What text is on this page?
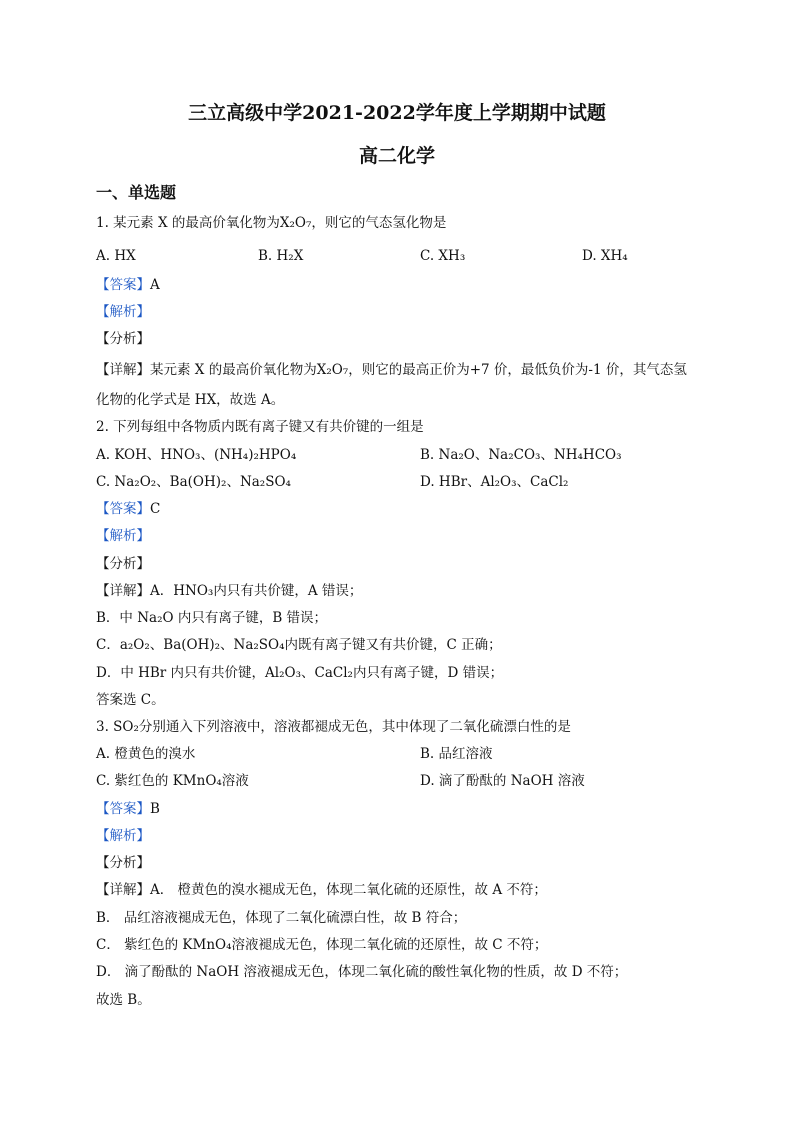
三立高级中学2021-2022学年度上学期期中试题
高二化学
一、单选题
1. 某元素 X 的最高价氧化物为X₂O₇，则它的气态氢化物是
A. HX	B. H₂X	C. XH₃	D. XH₄
【答案】A
【解析】
【分析】
【详解】某元素 X 的最高价氧化物为X₂O₇，则它的最高正价为+7 价，最低负价为-1 价，其气态氢
化物的化学式是 HX，故选 A。
2. 下列每组中各物质内既有离子键又有共价键的一组是
A. KOH、HNO₃、(NH₄)₂HPO₄	B. Na₂O、Na₂CO₃、NH₄HCO₃
C. Na₂O₂、Ba(OH)₂、Na₂SO₄	D. HBr、Al₂O₃、CaCl₂
【答案】C
【解析】
【分析】
【详解】A．HNO₃内只有共价键，A 错误；
B．中 Na₂O 内只有离子键，B 错误；
C．a₂O₂、Ba(OH)₂、Na₂SO₄内既有离子键又有共价键，C 正确；
D．中 HBr 内只有共价键，Al₂O₃、CaCl₂内只有离子键，D 错误；
答案选 C。
3. SO₂分别通入下列溶液中，溶液都褪成无色，其中体现了二氧化硫漂白性的是
A. 橙黄色的溴水	B. 品红溶液
C. 紫红色的 KMnO₄溶液	D. 滴了酚酞的 NaOH 溶液
【答案】B
【解析】
【分析】
【详解】A． 橙黄色的溴水褪成无色，体现二氧化硫的还原性，故 A 不符；
B． 品红溶液褪成无色，体现了二氧化硫漂白性，故 B 符合；
C． 紫红色的 KMnO₄溶液褪成无色，体现二氧化硫的还原性，故 C 不符；
D． 滴了酚酞的 NaOH 溶液褪成无色，体现二氧化硫的酸性氧化物的性质，故 D 不符；
故选 B。
